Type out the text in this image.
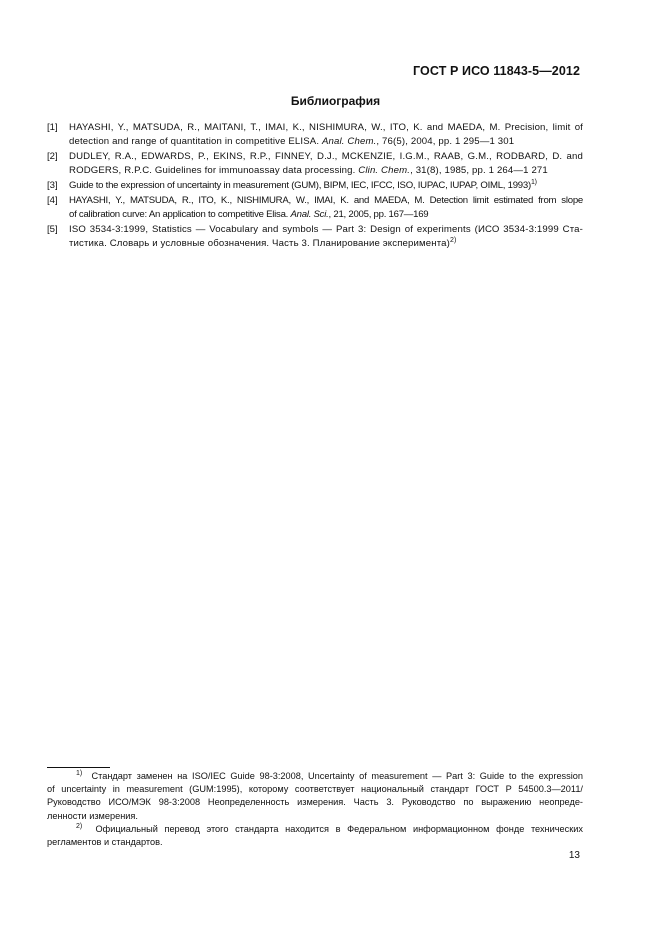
ГОСТ Р ИСО 11843-5—2012
Библиография
[1]	HAYASHI, Y., MATSUDA, R., MAITANI, T., IMAI, K., NISHIMURA, W., ITO, K. and MAEDA, M. Precision, limit of
detection and range of quantitation in competitive ELISA. Anal. Chem., 76(5), 2004, pp. 1 295—1 301
[2]	DUDLEY, R.A., EDWARDS, P., EKINS, R.P., FINNEY, D.J., MCKENZIE, I.G.M., RAAB, G.M., RODBARD, D. and
RODGERS, R.P.C. Guidelines for immunoassay data processing. Clin. Chem., 31(8), 1985, pp. 1 264—1 271
[3]	Guide to the expression of uncertainty in measurement (GUM), BIPM, IEC, IFCC, ISO, IUPAC, IUPAP, OIML, 1993)$^{1)}$
[4]	HAYASHI, Y., MATSUDA, R., ITO, K., NISHIMURA, W., IMAI, K. and MAEDA, M. Detection limit estimated from slope
of calibration curve: An application to competitive Elisa. Anal. Sci., 21, 2005, pp. 167—169
[5]	ISO 3534-3:1999, Statistics — Vocabulary and symbols — Part 3: Design of experiments (ИСО 3534-3:1999 Ста-
тистика. Словарь и условные обозначения. Часть 3. Планирование эксперимента)$^{2)}$
$^{1)}$ Стандарт заменен на ISO/IEC Guide 98-3:2008, Uncertainty of measurement — Part 3: Guide to the expression
of uncertainty in measurement (GUM:1995), которому соответствует национальный стандарт ГОСТ Р 54500.3—2011/
Руководство ИСО/МЭК 98-3:2008 Неопределенность измерения. Часть 3. Руководство по выражению неопреде-
ленности измерения.
$^{2)}$ Официальный перевод этого стандарта находится в Федеральном информационном фонде технических
регламентов и стандартов.
13
